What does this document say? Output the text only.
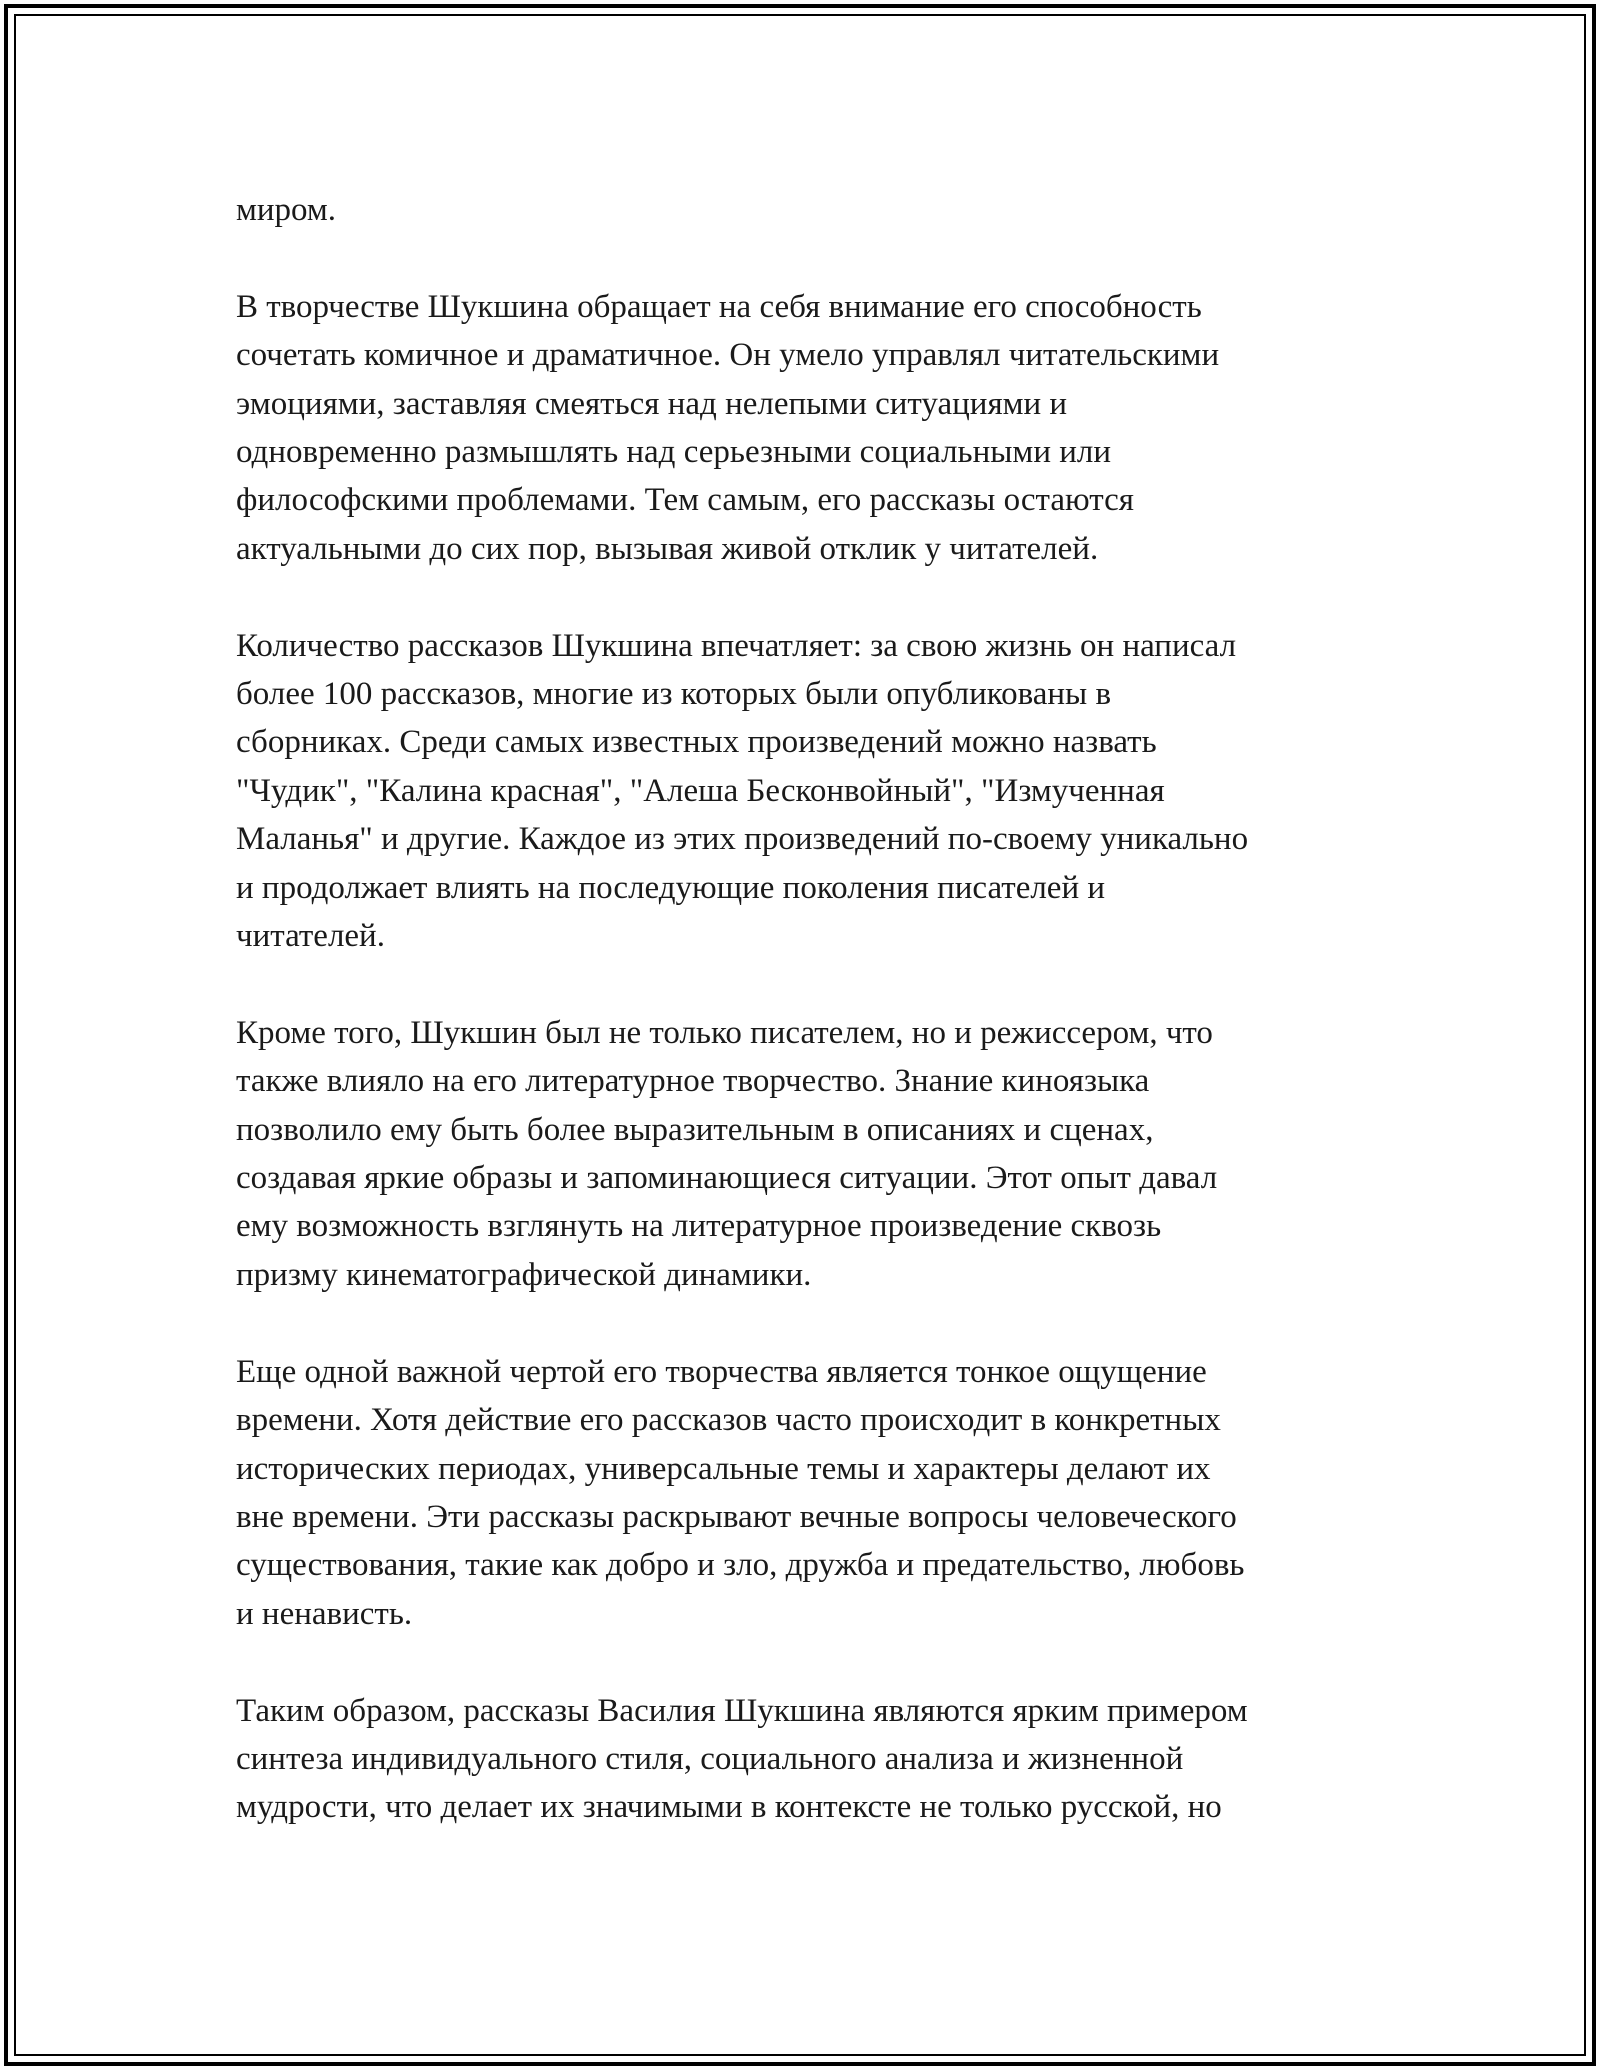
миром.

В творчестве Шукшина обращает на себя внимание его способность
сочетать комичное и драматичное. Он умело управлял читательскими
эмоциями, заставляя смеяться над нелепыми ситуациями и
одновременно размышлять над серьезными социальными или
философскими проблемами. Тем самым, его рассказы остаются
актуальными до сих пор, вызывая живой отклик у читателей.

Количество рассказов Шукшина впечатляет: за свою жизнь он написал
более 100 рассказов, многие из которых были опубликованы в
сборниках. Среди самых известных произведений можно назвать
"Чудик", "Калина красная", "Алеша Бесконвойный", "Измученная
Маланья" и другие. Каждое из этих произведений по-своему уникально
и продолжает влиять на последующие поколения писателей и
читателей.

Кроме того, Шукшин был не только писателем, но и режиссером, что
также влияло на его литературное творчество. Знание киноязыка
позволило ему быть более выразительным в описаниях и сценах,
создавая яркие образы и запоминающиеся ситуации. Этот опыт давал
ему возможность взглянуть на литературное произведение сквозь
призму кинематографической динамики.

Еще одной важной чертой его творчества является тонкое ощущение
времени. Хотя действие его рассказов часто происходит в конкретных
исторических периодах, универсальные темы и характеры делают их
вне времени. Эти рассказы раскрывают вечные вопросы человеческого
существования, такие как добро и зло, дружба и предательство, любовь
и ненависть.

Таким образом, рассказы Василия Шукшина являются ярким примером
синтеза индивидуального стиля, социального анализа и жизненной
мудрости, что делает их значимыми в контексте не только русской, но
